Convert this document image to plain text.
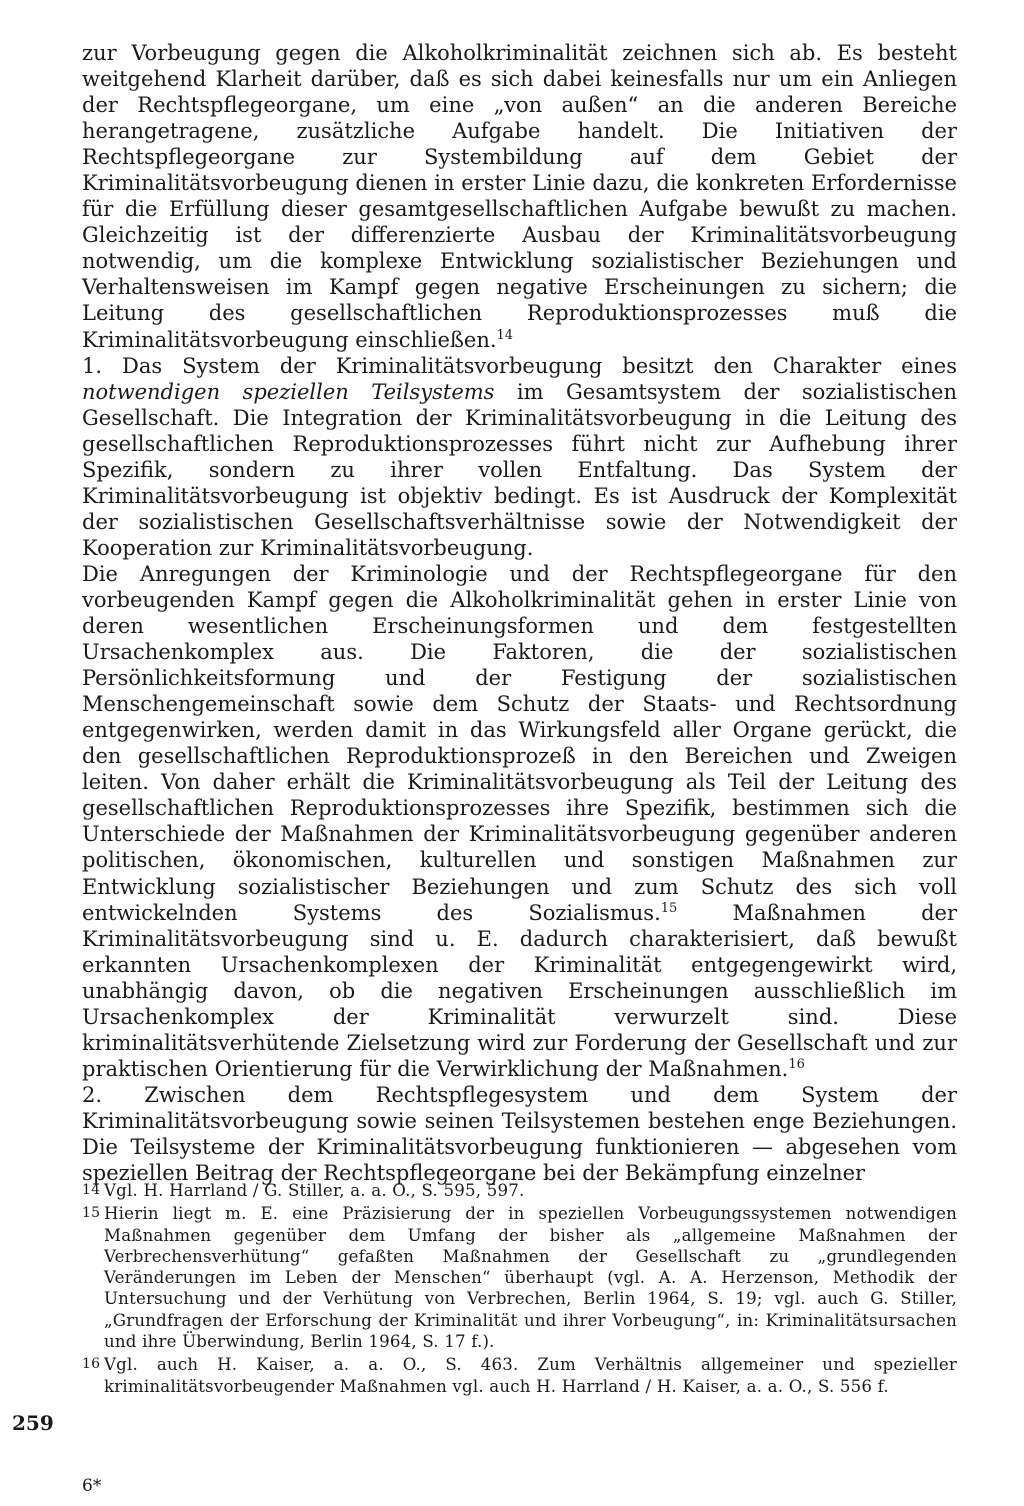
zur Vorbeugung gegen die Alkoholkriminalität zeichnen sich ab. Es besteht weitgehend Klarheit darüber, daß es sich dabei keinesfalls nur um ein Anliegen der Rechtspflegeorgane, um eine „von außen“ an die anderen Bereiche herangetragene, zusätzliche Aufgabe handelt. Die Initiativen der Rechtspflegeorgane zur Systembildung auf dem Gebiet der Kriminalitätsvorbeugung dienen in erster Linie dazu, die konkreten Erfordernisse für die Erfüllung dieser gesamtgesellschaftlichen Aufgabe bewußt zu machen. Gleichzeitig ist der differenzierte Ausbau der Kriminalitätsvorbeugung notwendig, um die komplexe Entwicklung sozialistischer Beziehungen und Verhaltensweisen im Kampf gegen negative Erscheinungen zu sichern; die Leitung des gesellschaftlichen Reproduktionsprozesses muß die Kriminalitätsvorbeugung einschließen.$^{14}$

1. Das System der Kriminalitätsvorbeugung besitzt den Charakter eines notwendigen speziellen Teilsystems im Gesamtsystem der sozialistischen Gesellschaft. Die Integration der Kriminalitätsvorbeugung in die Leitung des gesellschaftlichen Reproduktionsprozesses führt nicht zur Aufhebung ihrer Spezifik, sondern zu ihrer vollen Entfaltung. Das System der Kriminalitätsvorbeugung ist objektiv bedingt. Es ist Ausdruck der Komplexität der sozialistischen Gesellschaftsverhältnisse sowie der Notwendigkeit der Kooperation zur Kriminalitätsvorbeugung.

Die Anregungen der Kriminologie und der Rechtspflegeorgane für den vorbeugenden Kampf gegen die Alkoholkriminalität gehen in erster Linie von deren wesentlichen Erscheinungsformen und dem festgestellten Ursachenkomplex aus. Die Faktoren, die der sozialistischen Persönlichkeitsformung und der Festigung der sozialistischen Menschengemeinschaft sowie dem Schutz der Staats- und Rechtsordnung entgegenwirken, werden damit in das Wirkungsfeld aller Organe gerückt, die den gesellschaftlichen Reproduktionsprozeß in den Bereichen und Zweigen leiten. Von daher erhält die Kriminalitätsvorbeugung als Teil der Leitung des gesellschaftlichen Reproduktionsprozesses ihre Spezifik, bestimmen sich die Unterschiede der Maßnahmen der Kriminalitätsvorbeugung gegenüber anderen politischen, ökonomischen, kulturellen und sonstigen Maßnahmen zur Entwicklung sozialistischer Beziehungen und zum Schutz des sich voll entwickelnden Systems des Sozialismus.$^{15}$ Maßnahmen der Kriminalitätsvorbeugung sind u. E. dadurch charakterisiert, daß bewußt erkannten Ursachenkomplexen der Kriminalität entgegengewirkt wird, unabhängig davon, ob die negativen Erscheinungen ausschließlich im Ursachenkomplex der Kriminalität verwurzelt sind. Diese kriminalitätsverhütende Zielsetzung wird zur Forderung der Gesellschaft und zur praktischen Orientierung für die Verwirklichung der Maßnahmen.$^{16}$

2. Zwischen dem Rechtspflegesystem und dem System der Kriminalitätsvorbeugung sowie seinen Teilsystemen bestehen enge Beziehungen. Die Teilsysteme der Kriminalitätsvorbeugung funktionieren — abgesehen vom speziellen Beitrag der Rechtspflegeorgane bei der Bekämpfung einzelner

14 Vgl. H. Harrland / G. Stiller, a. a. O., S. 595, 597.
15 Hierin liegt m. E. eine Präzisierung der in speziellen Vorbeugungssystemen notwendigen Maßnahmen gegenüber dem Umfang der bisher als „allgemeine Maßnahmen der Verbrechensverhütung“ gefaßten Maßnahmen der Gesellschaft zu „grundlegenden Veränderungen im Leben der Menschen“ überhaupt (vgl. A. A. Herzenson, Methodik der Untersuchung und der Verhütung von Verbrechen, Berlin 1964, S. 19; vgl. auch G. Stiller, „Grundfragen der Erforschung der Kriminalität und ihrer Vorbeugung“, in: Kriminalitätsursachen und ihre Überwindung, Berlin 1964, S. 17 f.).
16 Vgl. auch H. Kaiser, a. a. O., S. 463. Zum Verhältnis allgemeiner und spezieller kriminalitätsvorbeugender Maßnahmen vgl. auch H. Harrland / H. Kaiser, a. a. O., S. 556 f.
259
6*
